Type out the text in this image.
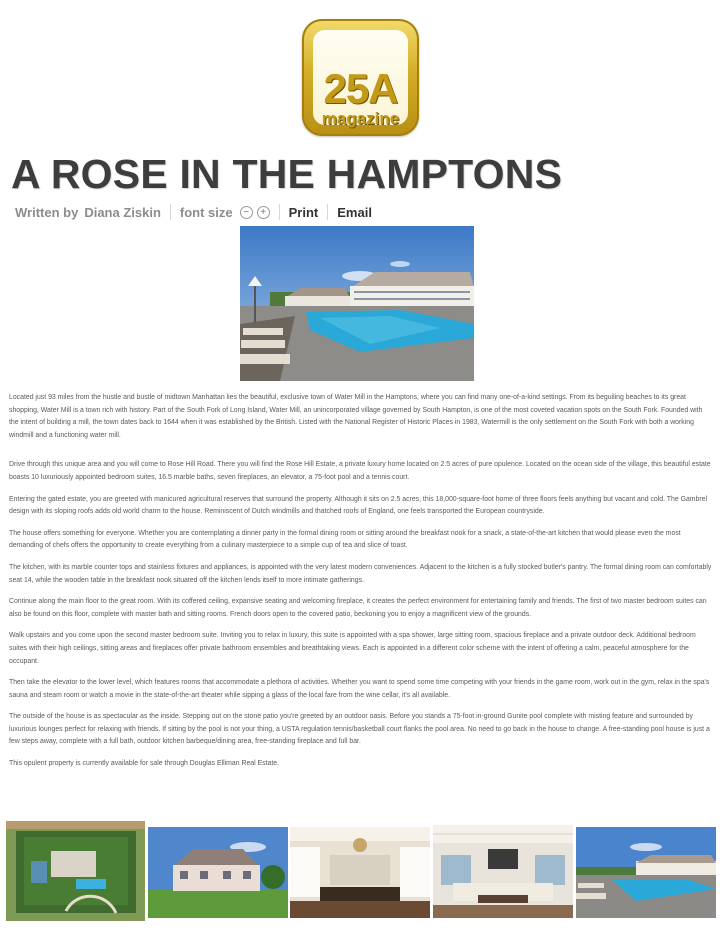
25A
magazine
A ROSE IN THE HAMPTONS
Written by Diana Ziskin font size	−	+ Print Email

Located just 93 miles from the hustle and bustle of midtown Manhattan lies the beautiful, exclusive town of Water Mill in the Hamptons, where you can find many one-of-a-kind settings. From its beguiling beaches to its great shopping, Water Mill is a town rich with history. Part of the South Fork of Long Island, Water Mill, an unincorporated village governed by South Hampton, is one of the most coveted vacation spots on the South Fork. Founded with the intent of building a mill, the town dates back to 1644 when it was established by the British. Listed with the National Register of Historic Places in 1983, Watermill is the only settlement on the South Fork with both a working windmill and a functioning water mill.

Drive through this unique area and you will come to Rose Hill Road. There you will find the Rose Hill Estate, a private luxury home located on 2.5 acres of pure opulence. Located on the ocean side of the village, this beautiful estate boasts 10 luxuriously appointed bedroom suites, 16.5 marble baths, seven fireplaces, an elevator, a 75-foot pool and a tennis court.

Entering the gated estate, you are greeted with manicured agricultural reserves that surround the property. Although it sits on 2.5 acres, this 18,000-square-foot home of three floors feels anything but vacant and cold. The Gambrel design with its sloping roofs adds old world charm to the house. Reminiscent of Dutch windmills and thatched roofs of England, one feels transported the European countryside.

The house offers something for everyone. Whether you are contemplating a dinner party in the formal dining room or sitting around the breakfast nook for a snack, a state-of-the-art kitchen that would please even the most demanding of chefs offers the opportunity to create everything from a culinary masterpiece to a simple cup of tea and slice of toast.

The kitchen, with its marble counter tops and stainless fixtures and appliances, is appointed with the very latest modern conveniences. Adjacent to the kitchen is a fully stocked butler's pantry. The formal dining room can comfortably seat 14, while the wooden table in the breakfast nook situated off the kitchen lends itself to more intimate gatherings.

Continue along the main floor to the great room. With its coffered ceiling, expansive seating and welcoming fireplace, it creates the perfect environment for entertaining family and friends. The first of two master bedroom suites can also be found on this floor, complete with master bath and sitting rooms. French doors open to the covered patio, beckoning you to enjoy a magnificent view of the grounds.

Walk upstairs and you come upon the second master bedroom suite. Inviting you to relax in luxury, this suite is appointed with a spa shower, large sitting room, spacious fireplace and a private outdoor deck. Additional bedroom suites with their high ceilings, sitting areas and fireplaces offer private bathroom ensembles and breathtaking views. Each is appointed in a different color scheme with the intent of offering a calm, peaceful atmosphere for the occupant.

Then take the elevator to the lower level, which features rooms that accommodate a plethora of activities. Whether you want to spend some time competing with your friends in the game room, work out in the gym, relax in the spa's sauna and steam room or watch a movie in the state-of-the-art theater while sipping a glass of the local fare from the wine cellar, it's all available.

The outside of the house is as spectacular as the inside. Stepping out on the stone patio you're greeted by an outdoor oasis. Before you stands a 75-foot in-ground Gunite pool complete with misting feature and surrounded by luxurious lounges perfect for relaxing with friends. If sitting by the pool is not your thing, a USTA regulation tennis/basketball court flanks the pool area. No need to go back in the house to change. A free-standing pool house is just a few steps away, complete with a full bath, outdoor kitchen barbeque/dining area, free-standing fireplace and full bar.

This opulent property is currently available for sale through Douglas Elliman Real Estate.
